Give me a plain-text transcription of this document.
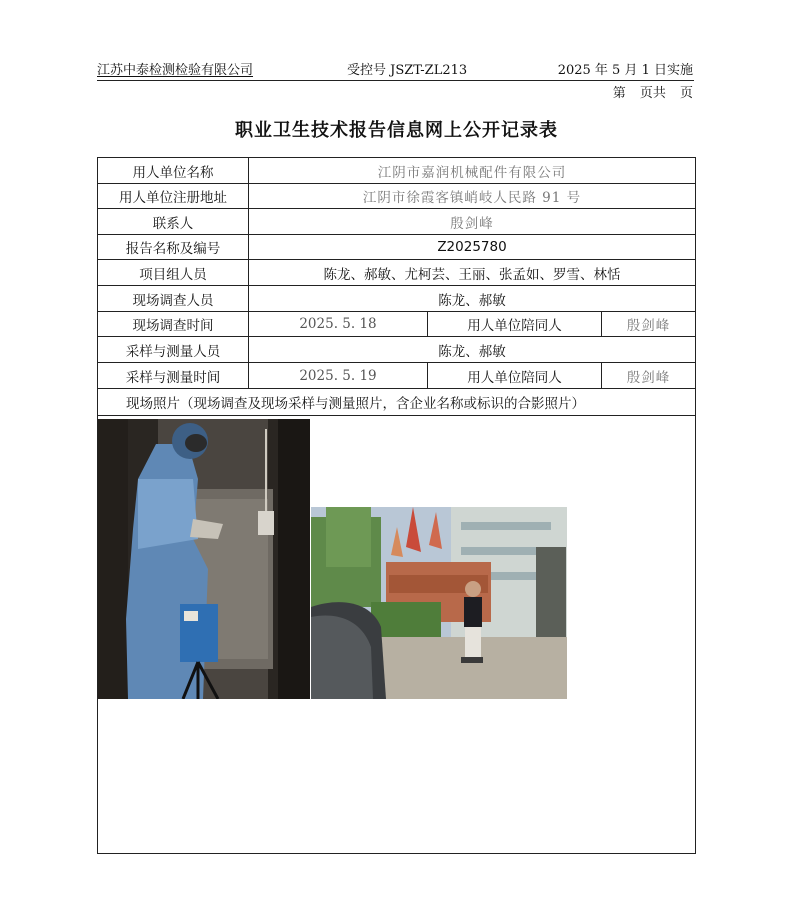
江苏中泰检测检验有限公司	受控号 JSZT-ZL213	2025 年 5 月 1 日实施
第 页共 页
职业卫生技术报告信息网上公开记录表
用人单位名称	江阴市嘉润机械配件有限公司
用人单位注册地址	江阴市徐霞客镇峭岐人民路 91 号
联系人	殷剑峰
报告名称及编号	Z2025780
项目组人员	陈龙、郝敏、尤柯芸、王丽、张孟如、罗雪、林恬
现场调查人员	陈龙、郝敏
现场调查时间	2025. 5. 18	用人单位陪同人	殷剑峰
采样与测量人员	陈龙、郝敏
采样与测量时间	2025. 5. 19	用人单位陪同人	殷剑峰
现场照片（现场调查及现场采样与测量照片，含企业名称或标识的合影照片）
